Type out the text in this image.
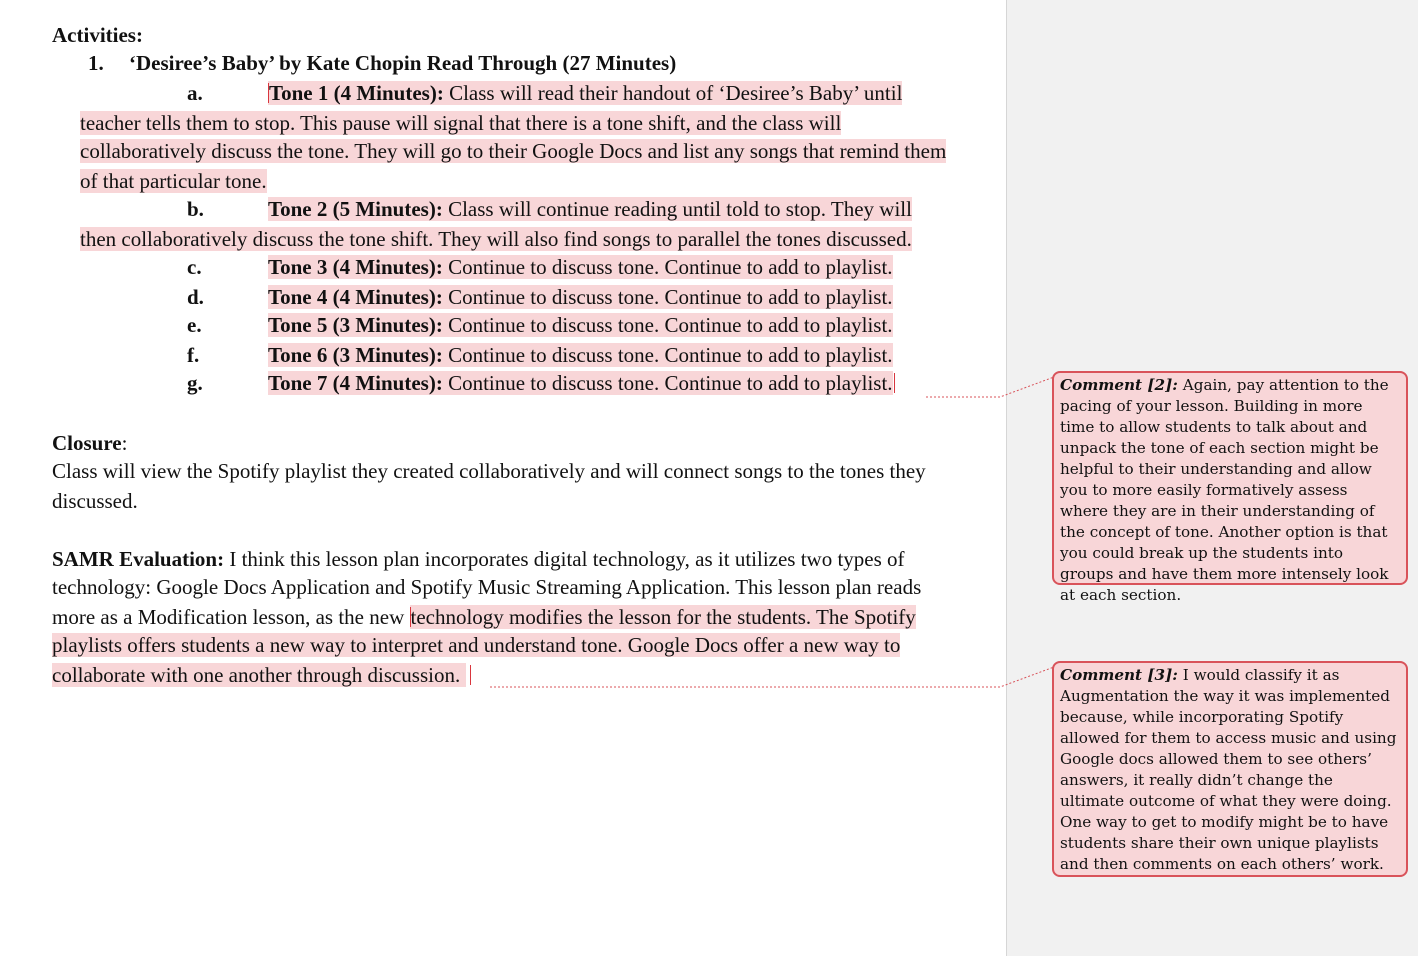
Activities:
1. ‘Desiree’s Baby’ by Kate Chopin Read Through (27 Minutes)
a.	Tone 1 (4 Minutes): Class will read their handout of ‘Desiree’s Baby’ until
teacher tells them to stop. This pause will signal that there is a tone shift, and the class will
collaboratively discuss the tone. They will go to their Google Docs and list any songs that remind them
of that particular tone.
b.	Tone 2 (5 Minutes): Class will continue reading until told to stop. They will
then collaboratively discuss the tone shift. They will also find songs to parallel the tones discussed.
c.	Tone 3 (4 Minutes): Continue to discuss tone. Continue to add to playlist.
d.	Tone 4 (4 Minutes): Continue to discuss tone. Continue to add to playlist.
e.	Tone 5 (3 Minutes): Continue to discuss tone. Continue to add to playlist.
f.	Tone 6 (3 Minutes): Continue to discuss tone. Continue to add to playlist.
g.	Tone 7 (4 Minutes): Continue to discuss tone. Continue to add to playlist.
Closure:
Class will view the Spotify playlist they created collaboratively and will connect songs to the tones they
discussed.
SAMR Evaluation: I think this lesson plan incorporates digital technology, as it utilizes two types of
technology: Google Docs Application and Spotify Music Streaming Application. This lesson plan reads
more as a Modification lesson, as the new technology modifies the lesson for the students. The Spotify
playlists offers students a new way to interpret and understand tone. Google Docs offer a new way to
collaborate with one another through discussion.
Comment [2]: Again, pay attention to the pacing of your lesson. Building in more time to allow students to talk about and unpack the tone of each section might be helpful to their understanding and allow you to more easily formatively assess where they are in their understanding of the concept of tone. Another option is that you could break up the students into groups and have them more intensely look at each section.
Comment [3]: I would classify it as Augmentation the way it was implemented because, while incorporating Spotify allowed for them to access music and using Google docs allowed them to see others’ answers, it really didn’t change the ultimate outcome of what they were doing. One way to get to modify might be to have students share their own unique playlists and then comments on each others’ work.
